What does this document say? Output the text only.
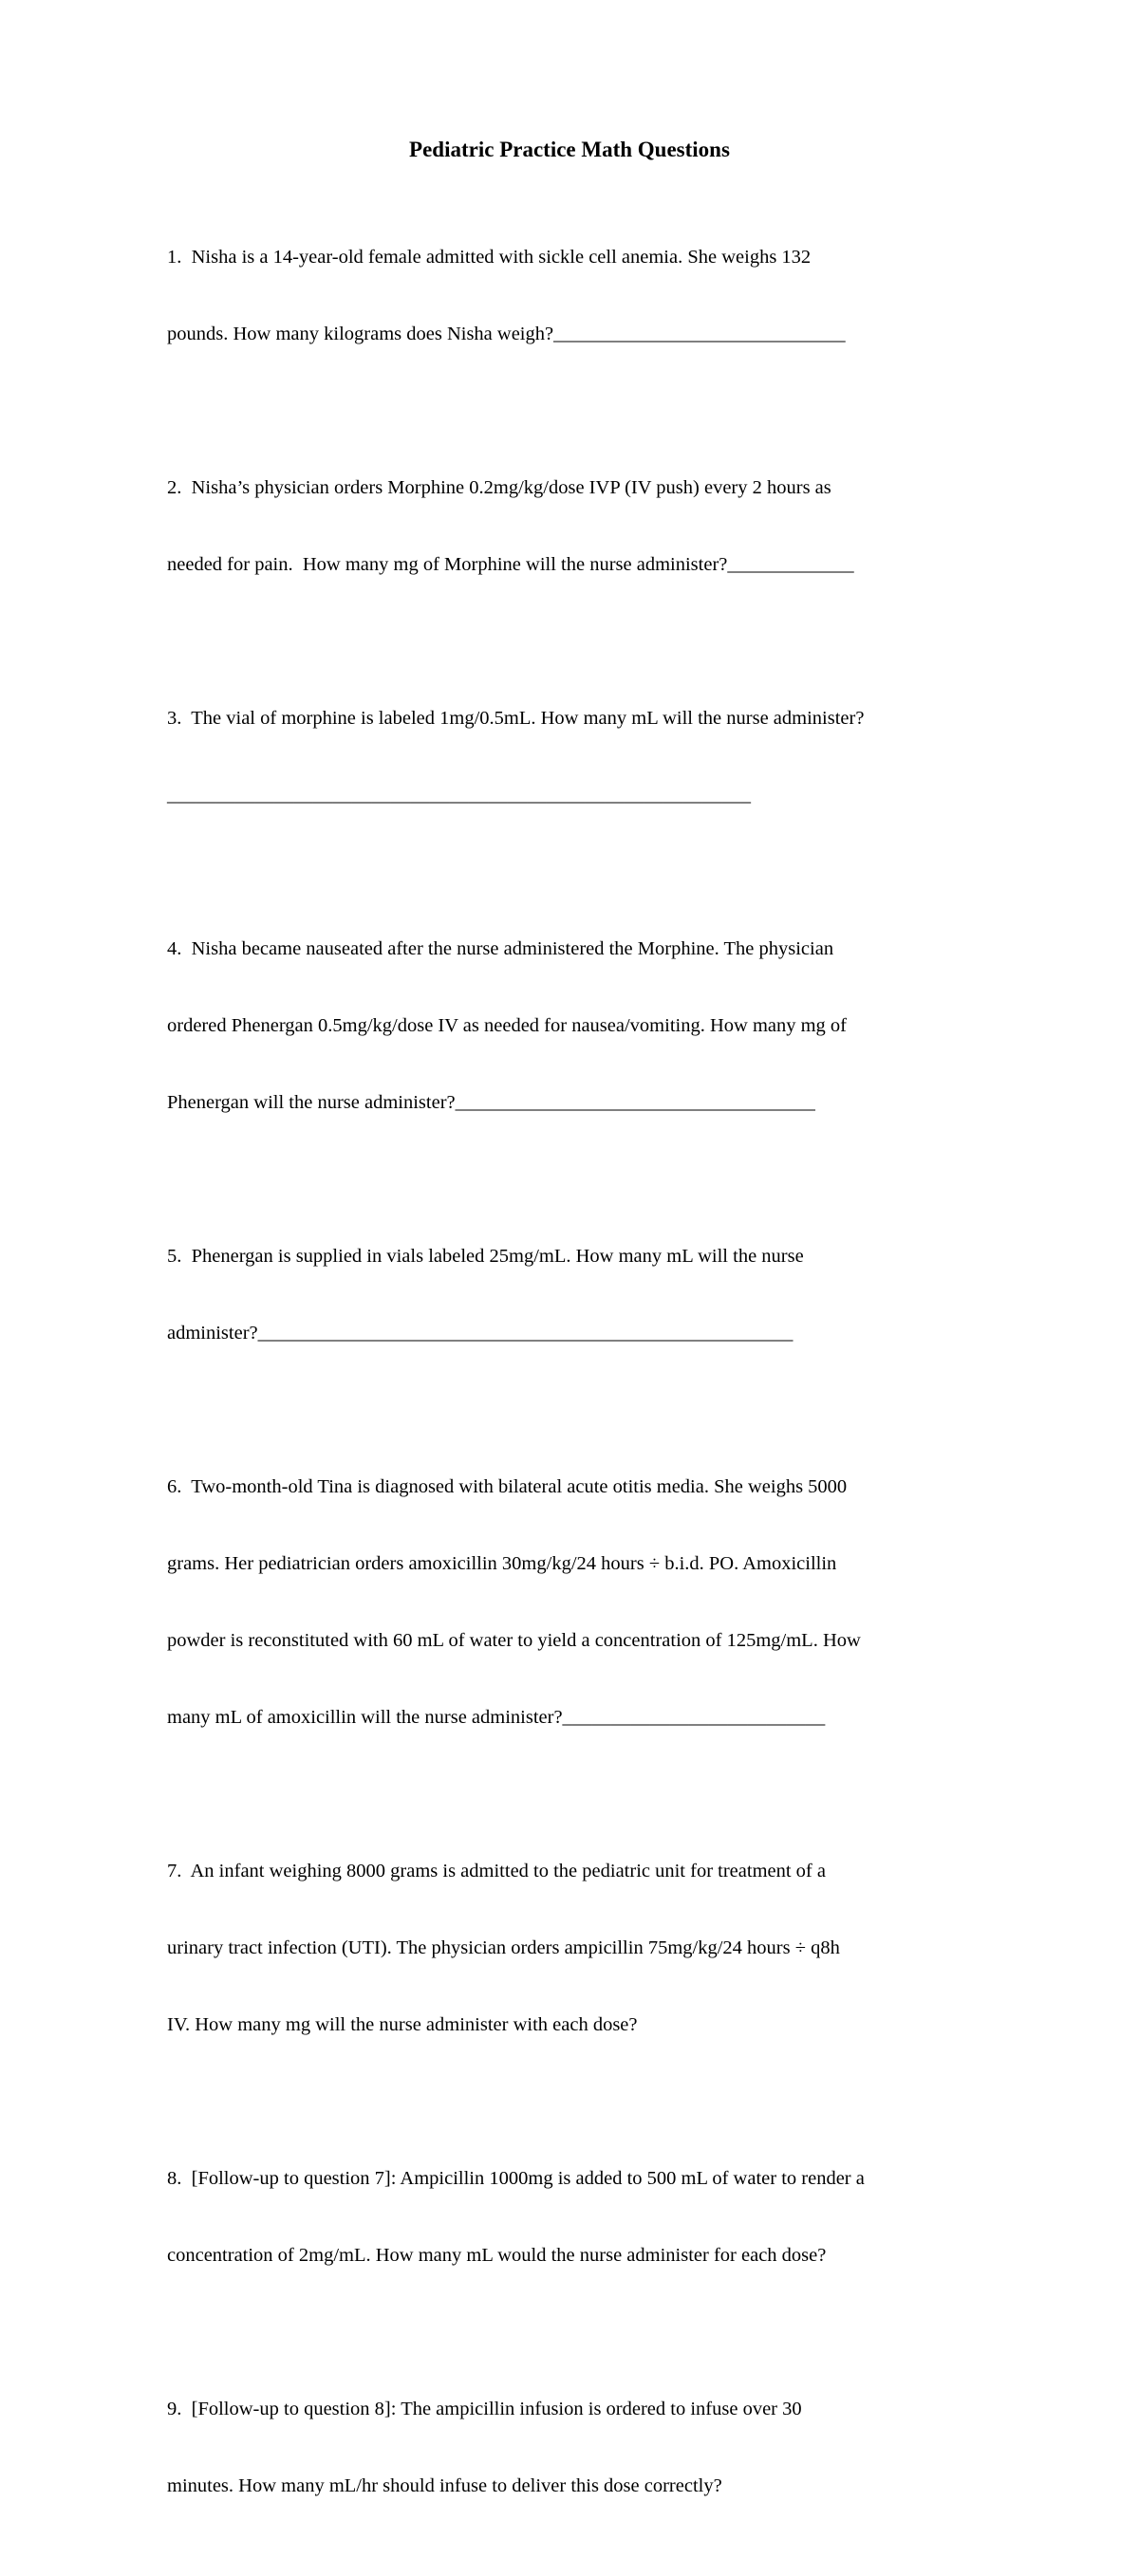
Pediatric Practice Math Questions

1.  Nisha is a 14-year-old female admitted with sickle cell anemia. She weighs 132

pounds. How many kilograms does Nisha weigh?______________________________

2.  Nisha’s physician orders Morphine 0.2mg/kg/dose IVP (IV push) every 2 hours as

needed for pain.  How many mg of Morphine will the nurse administer?_____________

3.  The vial of morphine is labeled 1mg/0.5mL. How many mL will the nurse administer?

____________________________________________________________

4.  Nisha became nauseated after the nurse administered the Morphine. The physician

ordered Phenergan 0.5mg/kg/dose IV as needed for nausea/vomiting. How many mg of

Phenergan will the nurse administer?_____________________________________

5.  Phenergan is supplied in vials labeled 25mg/mL. How many mL will the nurse

administer?_______________________________________________________

6.  Two-month-old Tina is diagnosed with bilateral acute otitis media. She weighs 5000

grams. Her pediatrician orders amoxicillin 30mg/kg/24 hours ÷ b.i.d. PO. Amoxicillin

powder is reconstituted with 60 mL of water to yield a concentration of 125mg/mL. How

many mL of amoxicillin will the nurse administer?___________________________

7.  An infant weighing 8000 grams is admitted to the pediatric unit for treatment of a

urinary tract infection (UTI). The physician orders ampicillin 75mg/kg/24 hours ÷ q8h

IV. How many mg will the nurse administer with each dose?

8.  [Follow-up to question 7]: Ampicillin 1000mg is added to 500 mL of water to render a

concentration of 2mg/mL. How many mL would the nurse administer for each dose?

9.  [Follow-up to question 8]: The ampicillin infusion is ordered to infuse over 30

minutes. How many mL/hr should infuse to deliver this dose correctly?
